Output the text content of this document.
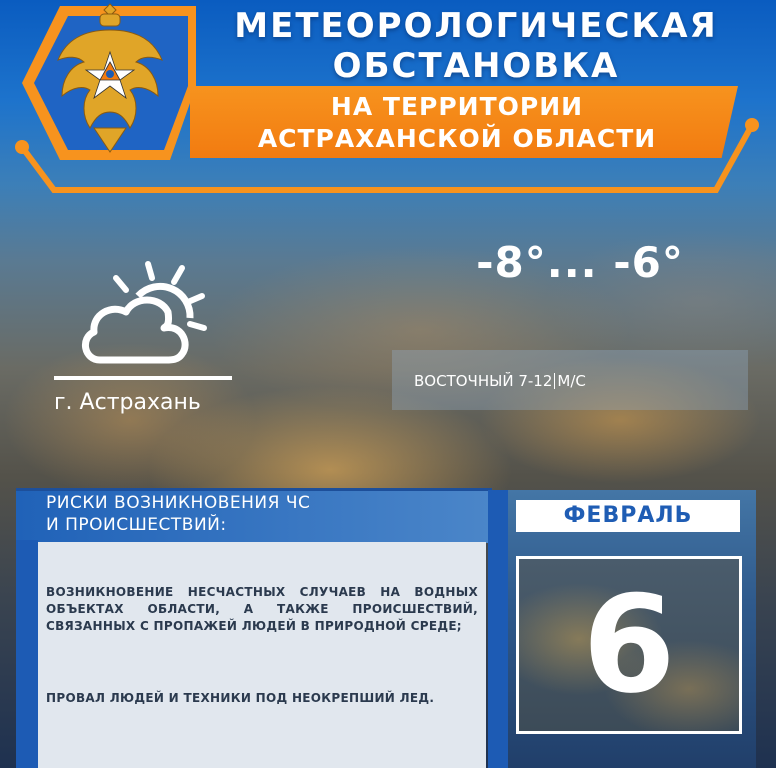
МЕТЕОРОЛОГИЧЕСКАЯ
ОБСТАНОВКА
НА ТЕРРИТОРИИ
АСТРАХАНСКОЙ ОБЛАСТИ
г. Астрахань
-8°... -6°
ВОСТОЧНЫЙ 7-12 М/С
РИСКИ ВОЗНИКНОВЕНИЯ ЧС
И ПРОИСШЕСТВИЙ:
ВОЗНИКНОВЕНИЕ НЕСЧАСТНЫХ СЛУЧАЕВ НА ВОДНЫХ ОБЪЕКТАХ ОБЛАСТИ, А ТАКЖЕ ПРОИСШЕСТВИЙ, СВЯЗАННЫХ С ПРОПАЖЕЙ ЛЮДЕЙ В ПРИРОДНОЙ СРЕДЕ;
ПРОВАЛ ЛЮДЕЙ И ТЕХНИКИ ПОД НЕОКРЕПШИЙ ЛЕД.
ФЕВРАЛЬ
6
